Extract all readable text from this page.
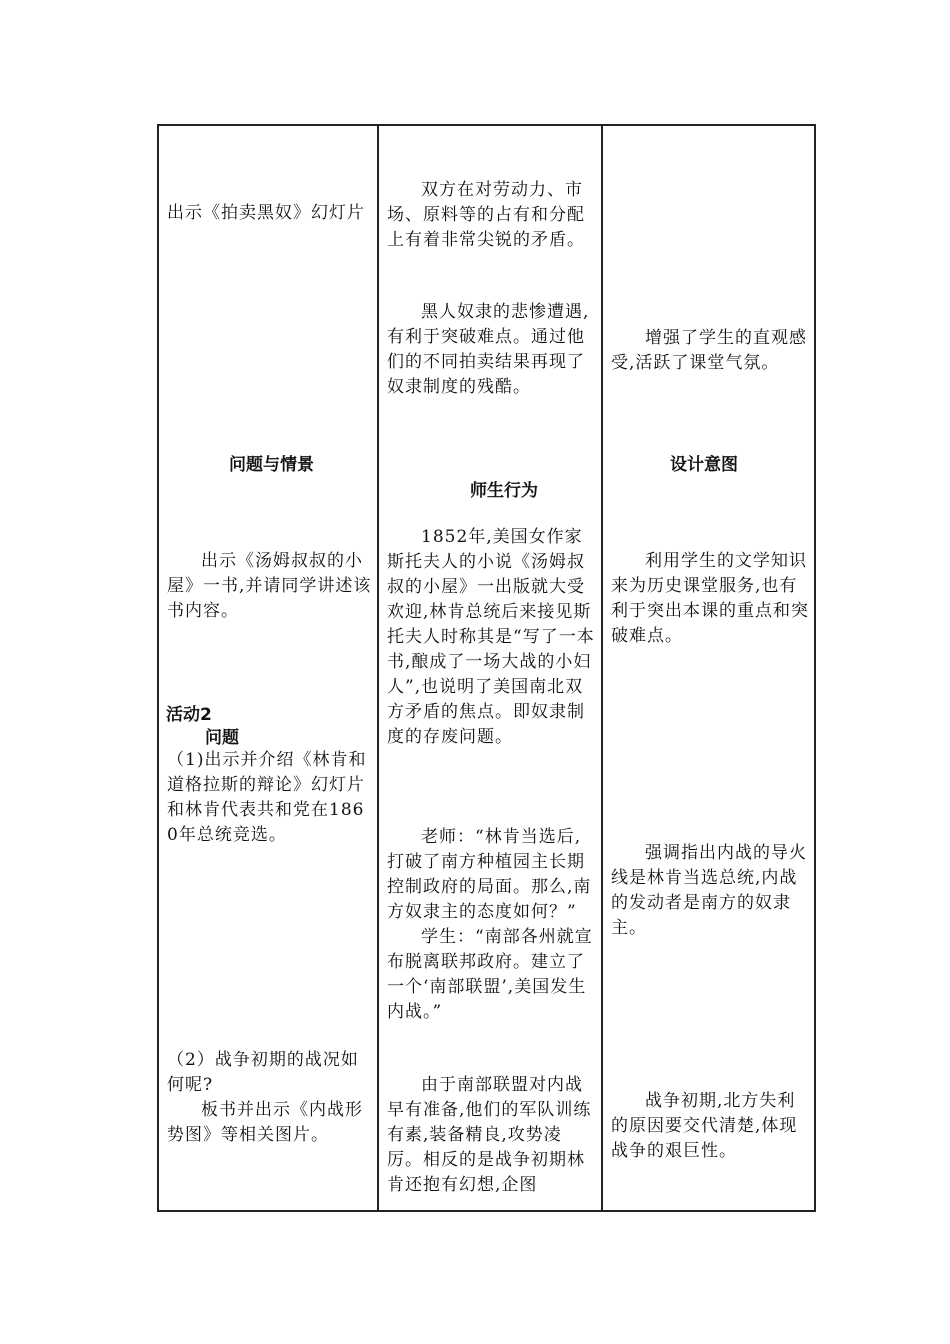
出示《拍卖黑奴》幻灯片
问题与情景
出示《汤姆叔叔的小屋》一书,并请同学讲述该书内容。
活动2
问题
（1)出示并介绍《林肯和道格拉斯的辩论》幻灯片和林肯代表共和党在1860年总统竞选。
（2）战争初期的战况如何呢?
板书并出示《内战形势图》等相关图片。
双方在对劳动力、市场、原料等的占有和分配上有着非常尖锐的矛盾。
黑人奴隶的悲惨遭遇,有利于突破难点。通过他们的不同拍卖结果再现了奴隶制度的残酷。
师生行为
1852年,美国女作家斯托夫人的小说《汤姆叔叔的小屋》一出版就大受欢迎,林肯总统后来接见斯托夫人时称其是“写了一本书,酿成了一场大战的小妇人”,也说明了美国南北双方矛盾的焦点。即奴隶制度的存废问题。
老师：“林肯当选后,打破了南方种植园主长期控制政府的局面。那么,南方奴隶主的态度如何？”
学生：“南部各州就宣布脱离联邦政府。建立了一个‘南部联盟’,美国发生内战。”
由于南部联盟对内战早有准备,他们的军队训练有素,装备精良,攻势凌厉。相反的是战争初期林肯还抱有幻想,企图
增强了学生的直观感受,活跃了课堂气氛。
设计意图
利用学生的文学知识来为历史课堂服务,也有利于突出本课的重点和突破难点。
强调指出内战的导火线是林肯当选总统,内战的发动者是南方的奴隶主。
战争初期,北方失利的原因要交代清楚,体现战争的艰巨性。
